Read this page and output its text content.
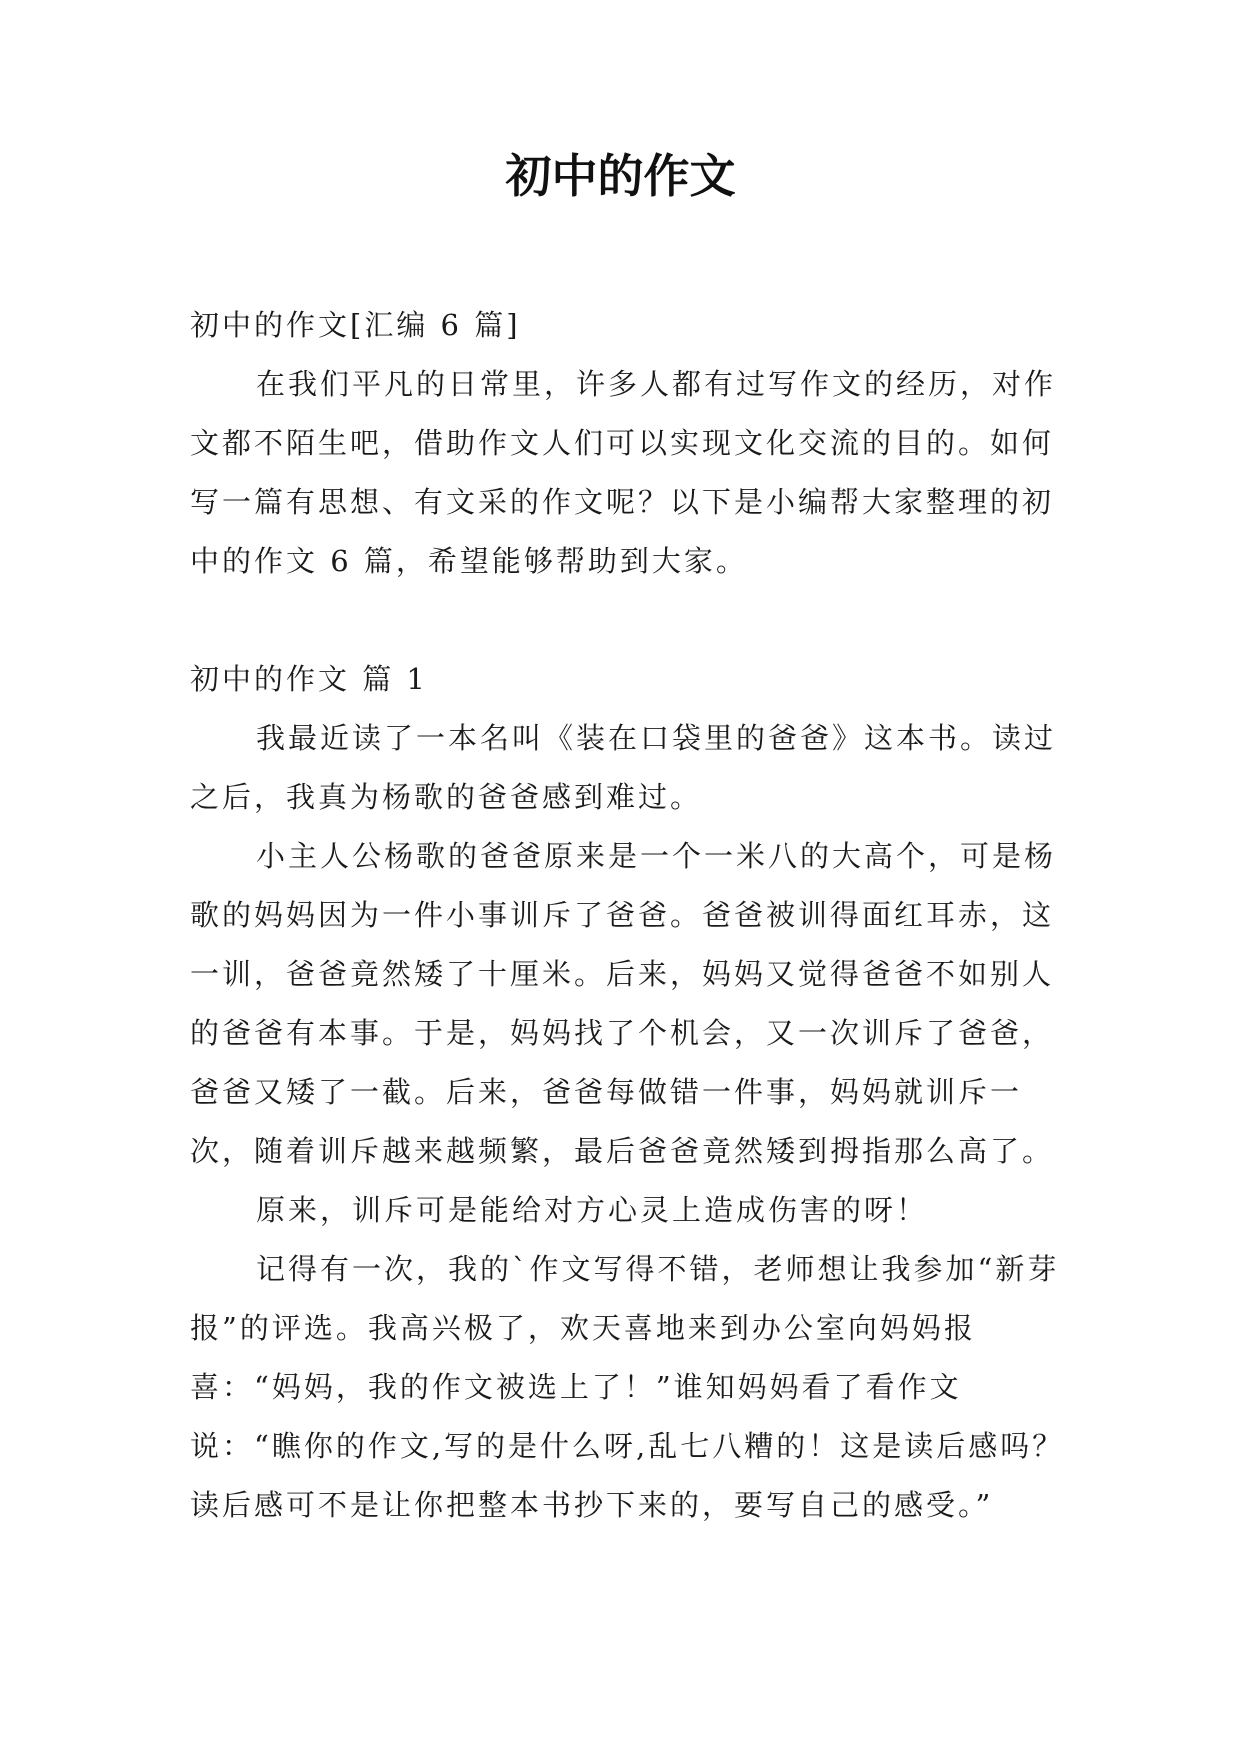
初中的作文

初中的作文[汇编 6 篇]

在我们平凡的日常里，许多人都有过写作文的经历，对作文都不陌生吧，借助作文人们可以实现文化交流的目的。如何写一篇有思想、有文采的作文呢？以下是小编帮大家整理的初中的作文 6 篇，希望能够帮助到大家。

初中的作文 篇 1

我最近读了一本名叫《装在口袋里的爸爸》这本书。读过之后，我真为杨歌的爸爸感到难过。

小主人公杨歌的爸爸原来是一个一米八的大高个，可是杨歌的妈妈因为一件小事训斥了爸爸。爸爸被训得面红耳赤，这一训，爸爸竟然矮了十厘米。后来，妈妈又觉得爸爸不如别人的爸爸有本事。于是，妈妈找了个机会，又一次训斥了爸爸，爸爸又矮了一截。后来，爸爸每做错一件事，妈妈就训斥一次，随着训斥越来越频繁，最后爸爸竟然矮到拇指那么高了。

原来，训斥可是能给对方心灵上造成伤害的呀！

记得有一次，我的`作文写得不错，老师想让我参加“新芽报”的评选。我高兴极了，欢天喜地来到办公室向妈妈报喜：“妈妈，我的作文被选上了！”谁知妈妈看了看作文说：“瞧你的作文,写的是什么呀,乱七八糟的！这是读后感吗？读后感可不是让你把整本书抄下来的，要写自己的感受。”
